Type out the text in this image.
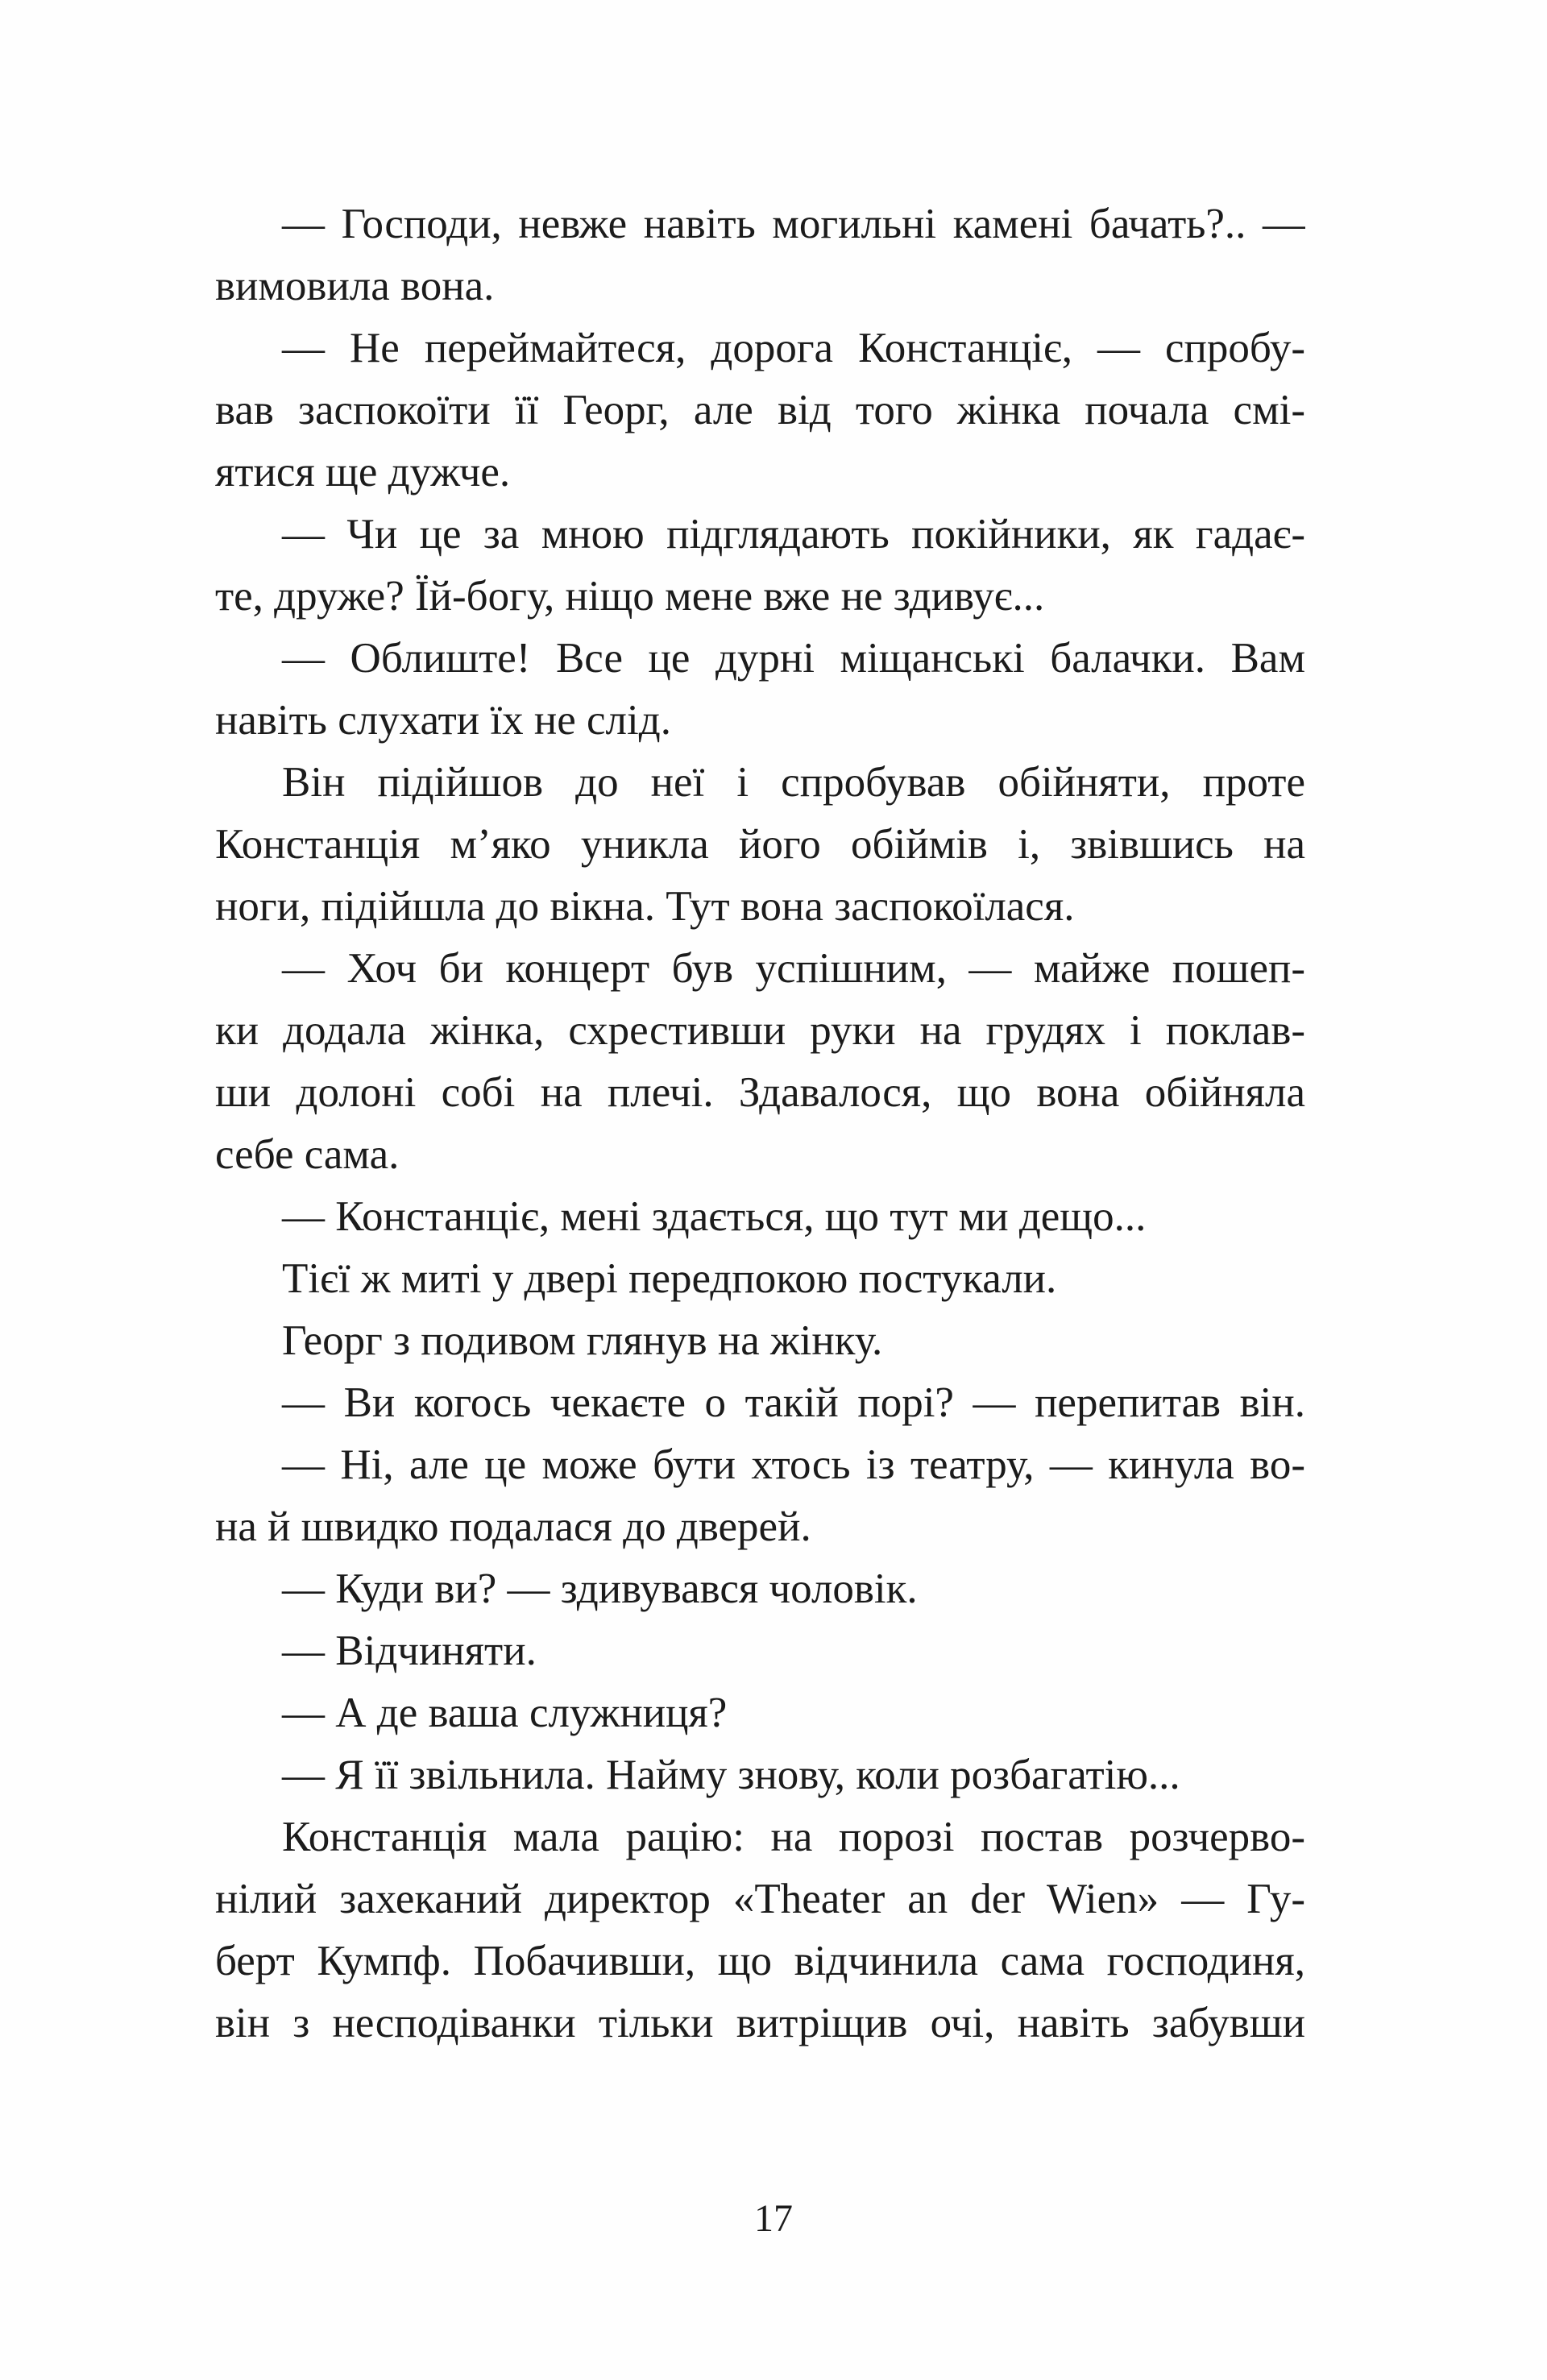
— Господи, невже навіть могильні камені бачать?.. —
вимовила вона.
— Не переймайтеся, дорога Констанціє, — спробу-
вав заспокоїти її Георг, але від того жінка почала смі-
ятися ще дужче.
— Чи це за мною підглядають покійники, як гадає-
те, друже? Їй-богу, ніщо мене вже не здивує...
— Облиште! Все це дурні міщанські балачки. Вам
навіть слухати їх не слід.
Він підійшов до неї і спробував обійняти, проте
Констанція м’яко уникла його обіймів і, звівшись на
ноги, підійшла до вікна. Тут вона заспокоїлася.
— Хоч би концерт був успішним, — майже пошеп-
ки додала жінка, схрестивши руки на грудях і поклав-
ши долоні собі на плечі. Здавалося, що вона обійняла
себе сама.
— Констанціє, мені здається, що тут ми дещо...
Тієї ж миті у двері передпокою постукали.
Георг з подивом глянув на жінку.
— Ви когось чекаєте о такій порі? — перепитав він.
— Ні, але це може бути хтось із театру, — кинула во-
на й швидко подалася до дверей.
— Куди ви? — здивувався чоловік.
— Відчиняти.
— А де ваша служниця?
— Я її звільнила. Найму знову, коли розбагатію...
Констанція мала рацію: на порозі постав розчерво-
нілий захеканий директор «Theater an der Wien» — Гу-
берт Кумпф. Побачивши, що відчинила сама господиня,
він з несподіванки тільки витріщив очі, навіть забувши
17
